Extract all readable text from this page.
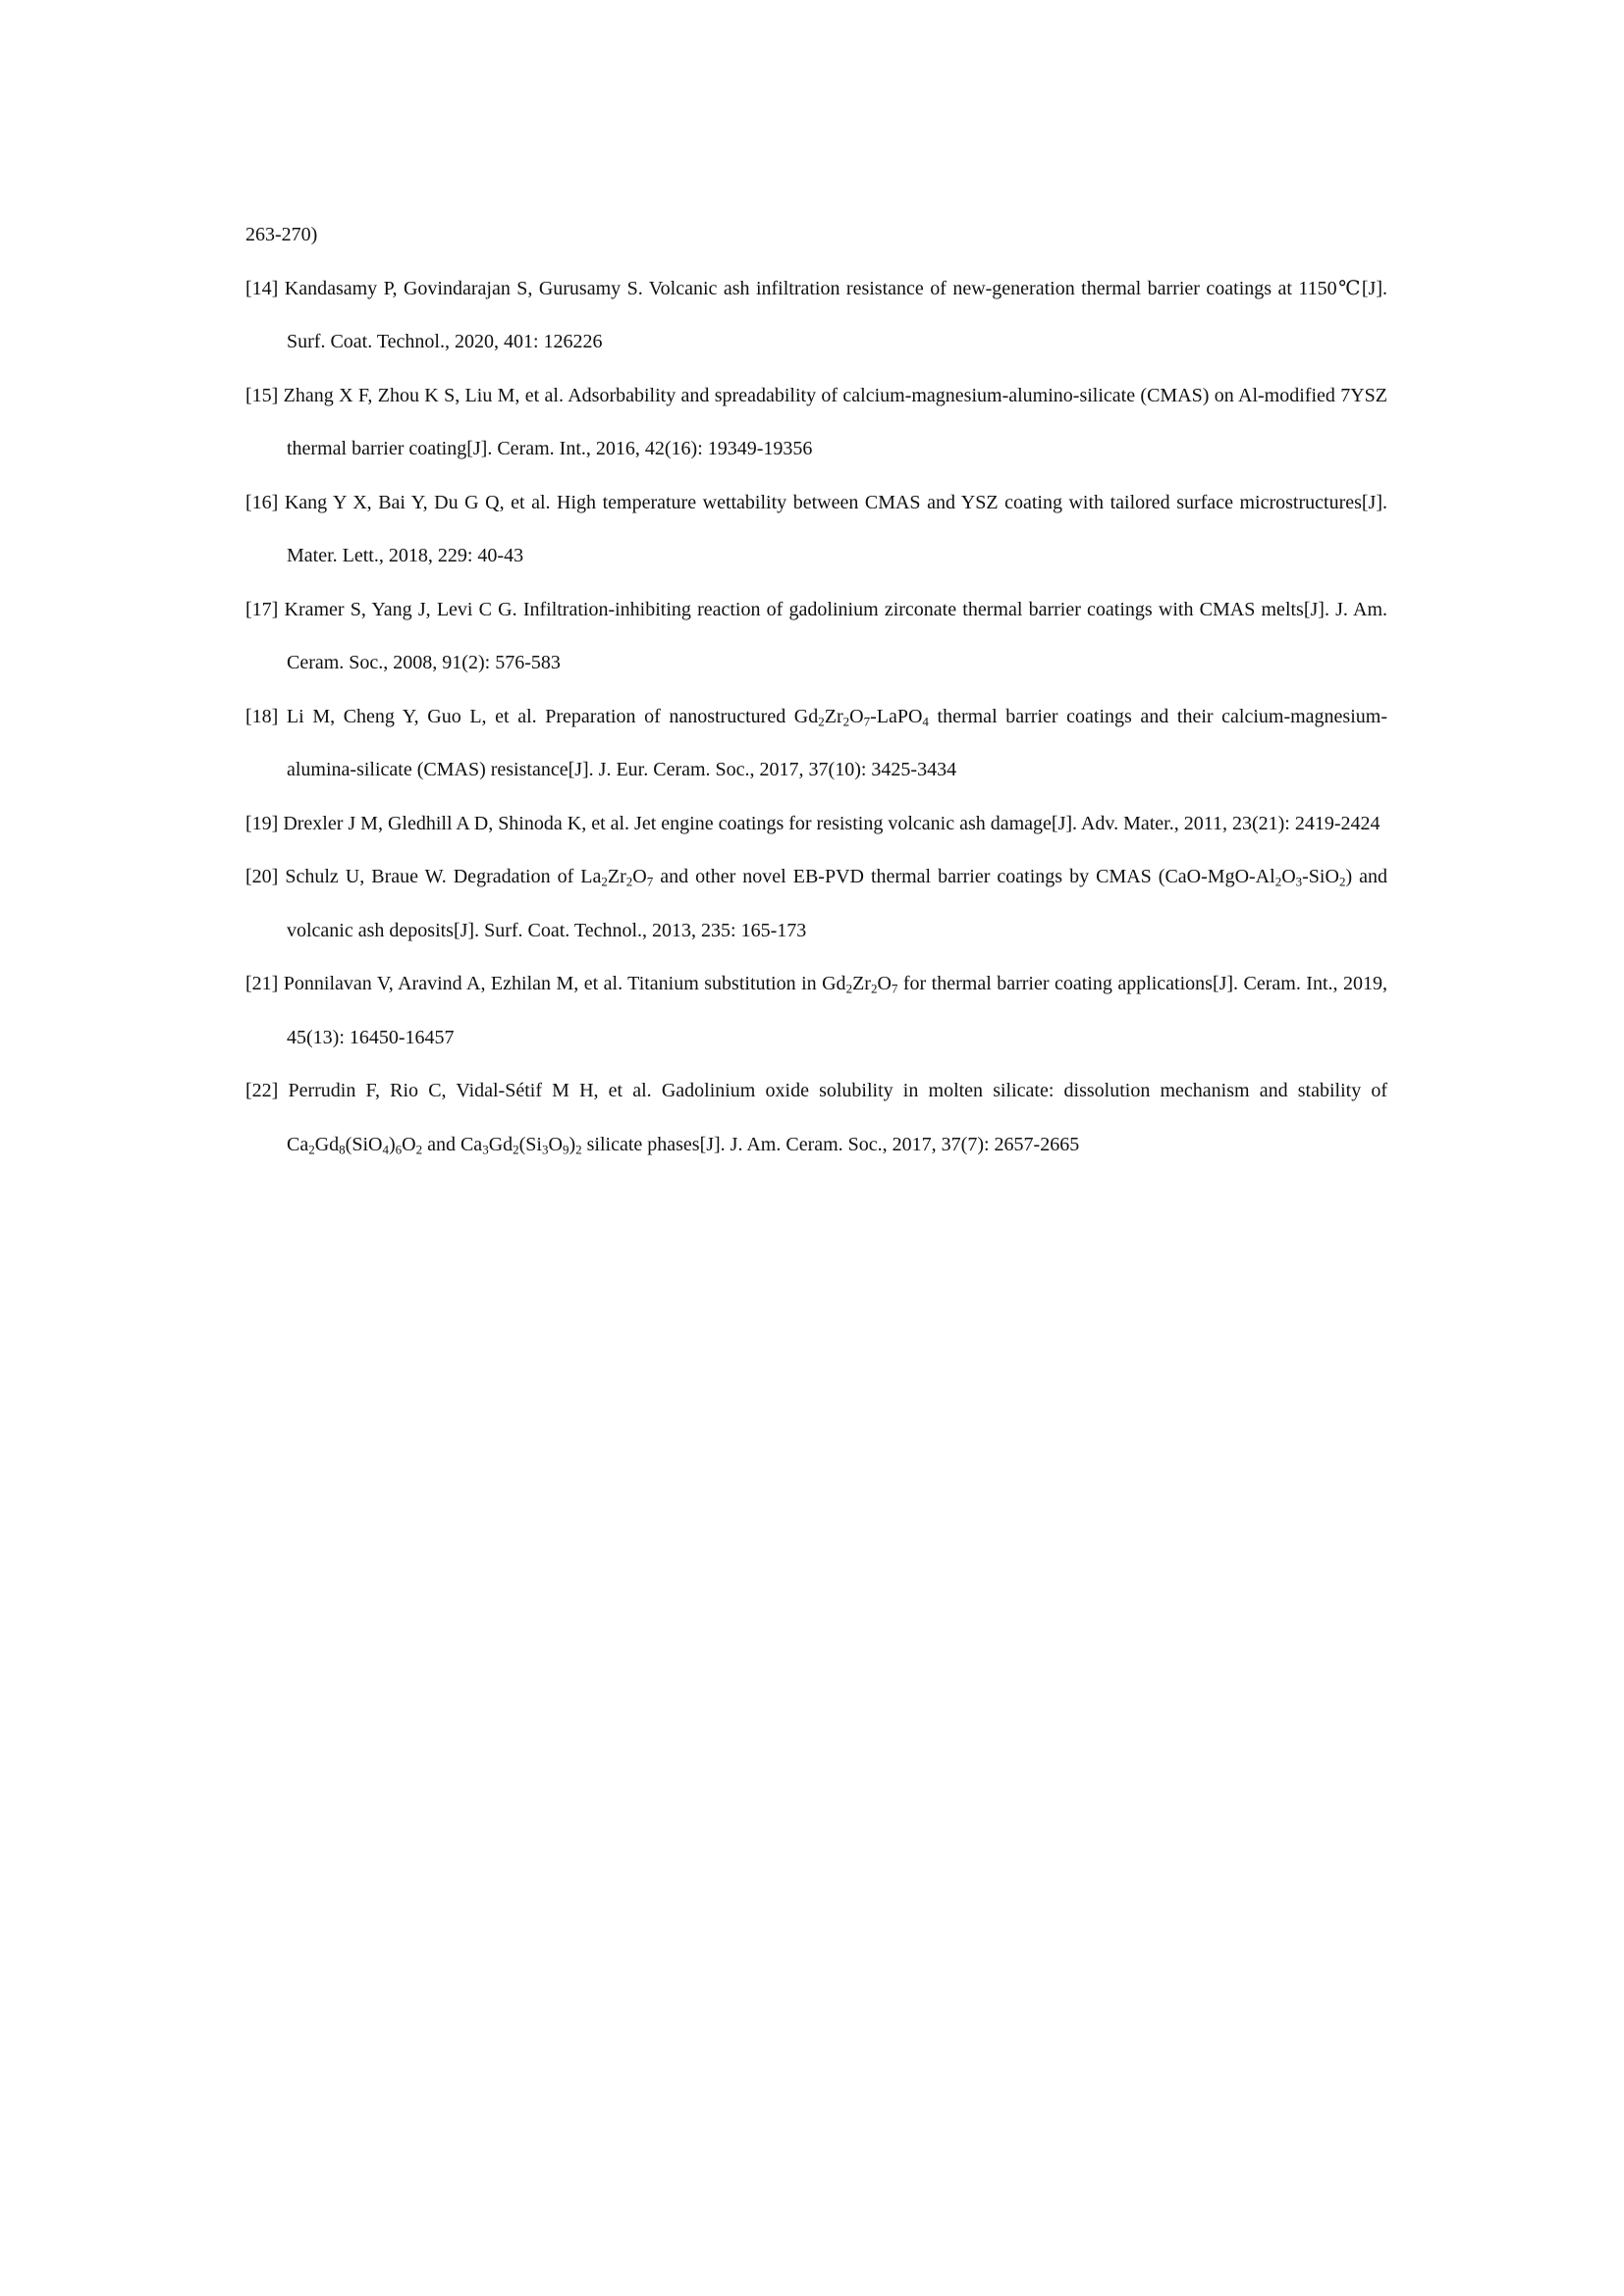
263-270)

[14] Kandasamy P, Govindarajan S, Gurusamy S. Volcanic ash infiltration resistance of new-generation thermal barrier coatings at 1150℃[J]. Surf. Coat. Technol., 2020, 401: 126226

[15] Zhang X F, Zhou K S, Liu M, et al. Adsorbability and spreadability of calcium-magnesium-alumino-silicate (CMAS) on Al-modified 7YSZ thermal barrier coating[J]. Ceram. Int., 2016, 42(16): 19349-19356

[16] Kang Y X, Bai Y, Du G Q, et al. High temperature wettability between CMAS and YSZ coating with tailored surface microstructures[J]. Mater. Lett., 2018, 229: 40-43

[17] Kramer S, Yang J, Levi C G. Infiltration-inhibiting reaction of gadolinium zirconate thermal barrier coatings with CMAS melts[J]. J. Am. Ceram. Soc., 2008, 91(2): 576-583

[18] Li M, Cheng Y, Guo L, et al. Preparation of nanostructured $Gd_2Zr_2O_7-LaPO_4$ thermal barrier coatings and their calcium-magnesium-alumina-silicate (CMAS) resistance[J]. J. Eur. Ceram. Soc., 2017, 37(10): 3425-3434

[19] Drexler J M, Gledhill A D, Shinoda K, et al. Jet engine coatings for resisting volcanic ash damage[J]. Adv. Mater., 2011, 23(21): 2419-2424

[20] Schulz U, Braue W. Degradation of $La_2Zr_2O_7$ and other novel EB-PVD thermal barrier coatings by CMAS $(CaO-MgO-Al_2O_3-SiO_2)$ and volcanic ash deposits[J]. Surf. Coat. Technol., 2013, 235: 165-173

[21] Ponnilavan V, Aravind A, Ezhilan M, et al. Titanium substitution in $Gd_2Zr_2O_7$ for thermal barrier coating applications[J]. Ceram. Int., 2019, 45(13): 16450-16457

[22] Perrudin F, Rio C, Vidal-Sétif M H, et al. Gadolinium oxide solubility in molten silicate: dissolution mechanism and stability of $Ca_2Gd_8(SiO_4)_6O_2$ and $Ca_3Gd_2(Si_3O_9)_2$ silicate phases[J]. J. Am. Ceram. Soc., 2017, 37(7): 2657-2665
